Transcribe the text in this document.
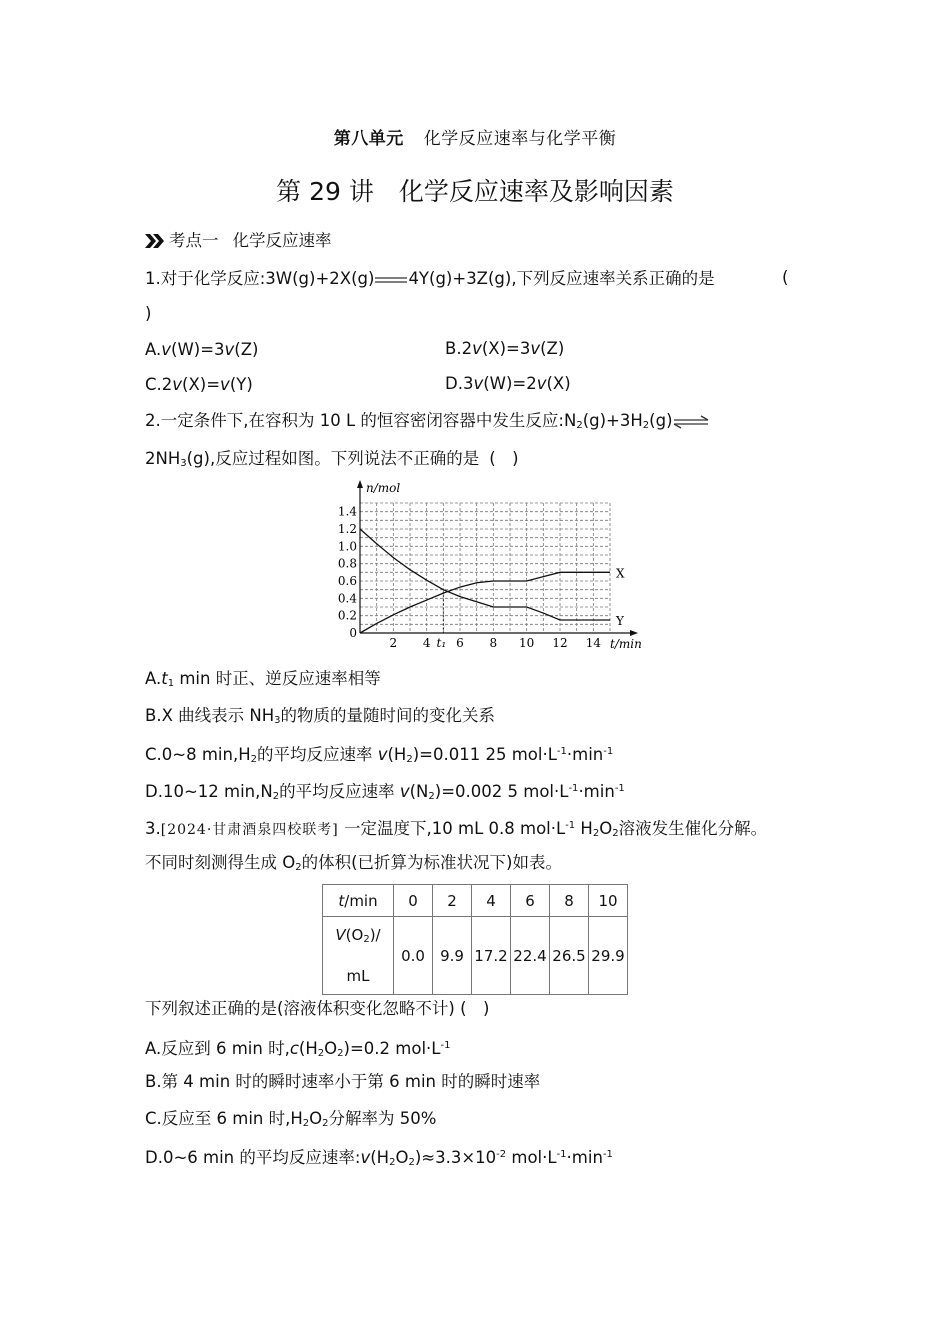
第八单元 化学反应速率与化学平衡
第 29 讲　化学反应速率及影响因素
考点一 化学反应速率
1.对于化学反应:3W(g)+2X(g) 4Y(g)+3Z(g),下列反应速率关系正确的是	(
)
A.v(W)=3v(Z)	B.2v(X)=3v(Z)
C.2v(X)=v(Y)	D.3v(W)=2v(X)
2.一定条件下,在容积为 10 L 的恒容密闭容器中发生反应$:N_2(g)+3H_2(g)\rightleftharpoons$
$2NH_3(g)$,反应过程如图。下列说法不正确的是 (　)
1.4
1.2
1.0
0.8
0.6
0.4
0.2
0
2 4 t₁ 6 8 10 12 14
n/mol
t/min
X
Y
$A.t_1$ min 时正、逆反应速率相等
B.X 曲线表示 $NH_3$的物质的量随时间的变化关系
C.0~8 $\min,H_2$的平均反应速率 $v(H_2)=0.011$ 25 $mol\cdot L^{-1}\cdot\min^{-1}$
D.10~12 $\min,N_2$的平均反应速率 $v(N_2)=0.002$ 5 $mol\cdot L^{-1}\cdot\min^{-1}$
3.[2024·甘肃酒泉四校联考] 一定温度下,10 mL 0.8 $mol\cdot L^{-1}$ $H_2O_2$溶液发生催化分解。
不同时刻测得生成 $O_2$的体积(已折算为标准状况下)如表。
t/min	0	2	4	6	8	10

$V(O_2)/$
mL	0.0	9.9	17.2	22.4	26.5	29.9
下列叙述正确的是(溶液体积变化忽略不计) (　)
A.反应到 6 min 时$,c(H_2O_2)=0.2$ $mol\cdot L^{-1}$
B.第 4 min 时的瞬时速率小于第 6 min 时的瞬时速率
C.反应至 6 min 时$,H_2O_2$分解率为 50%
D.0~6 min 的平均反应速率$:v(H_2O_2)\approx 3.3\times 10^{-2}$ $mol\cdot L^{-1}\cdot\min^{-1}$
